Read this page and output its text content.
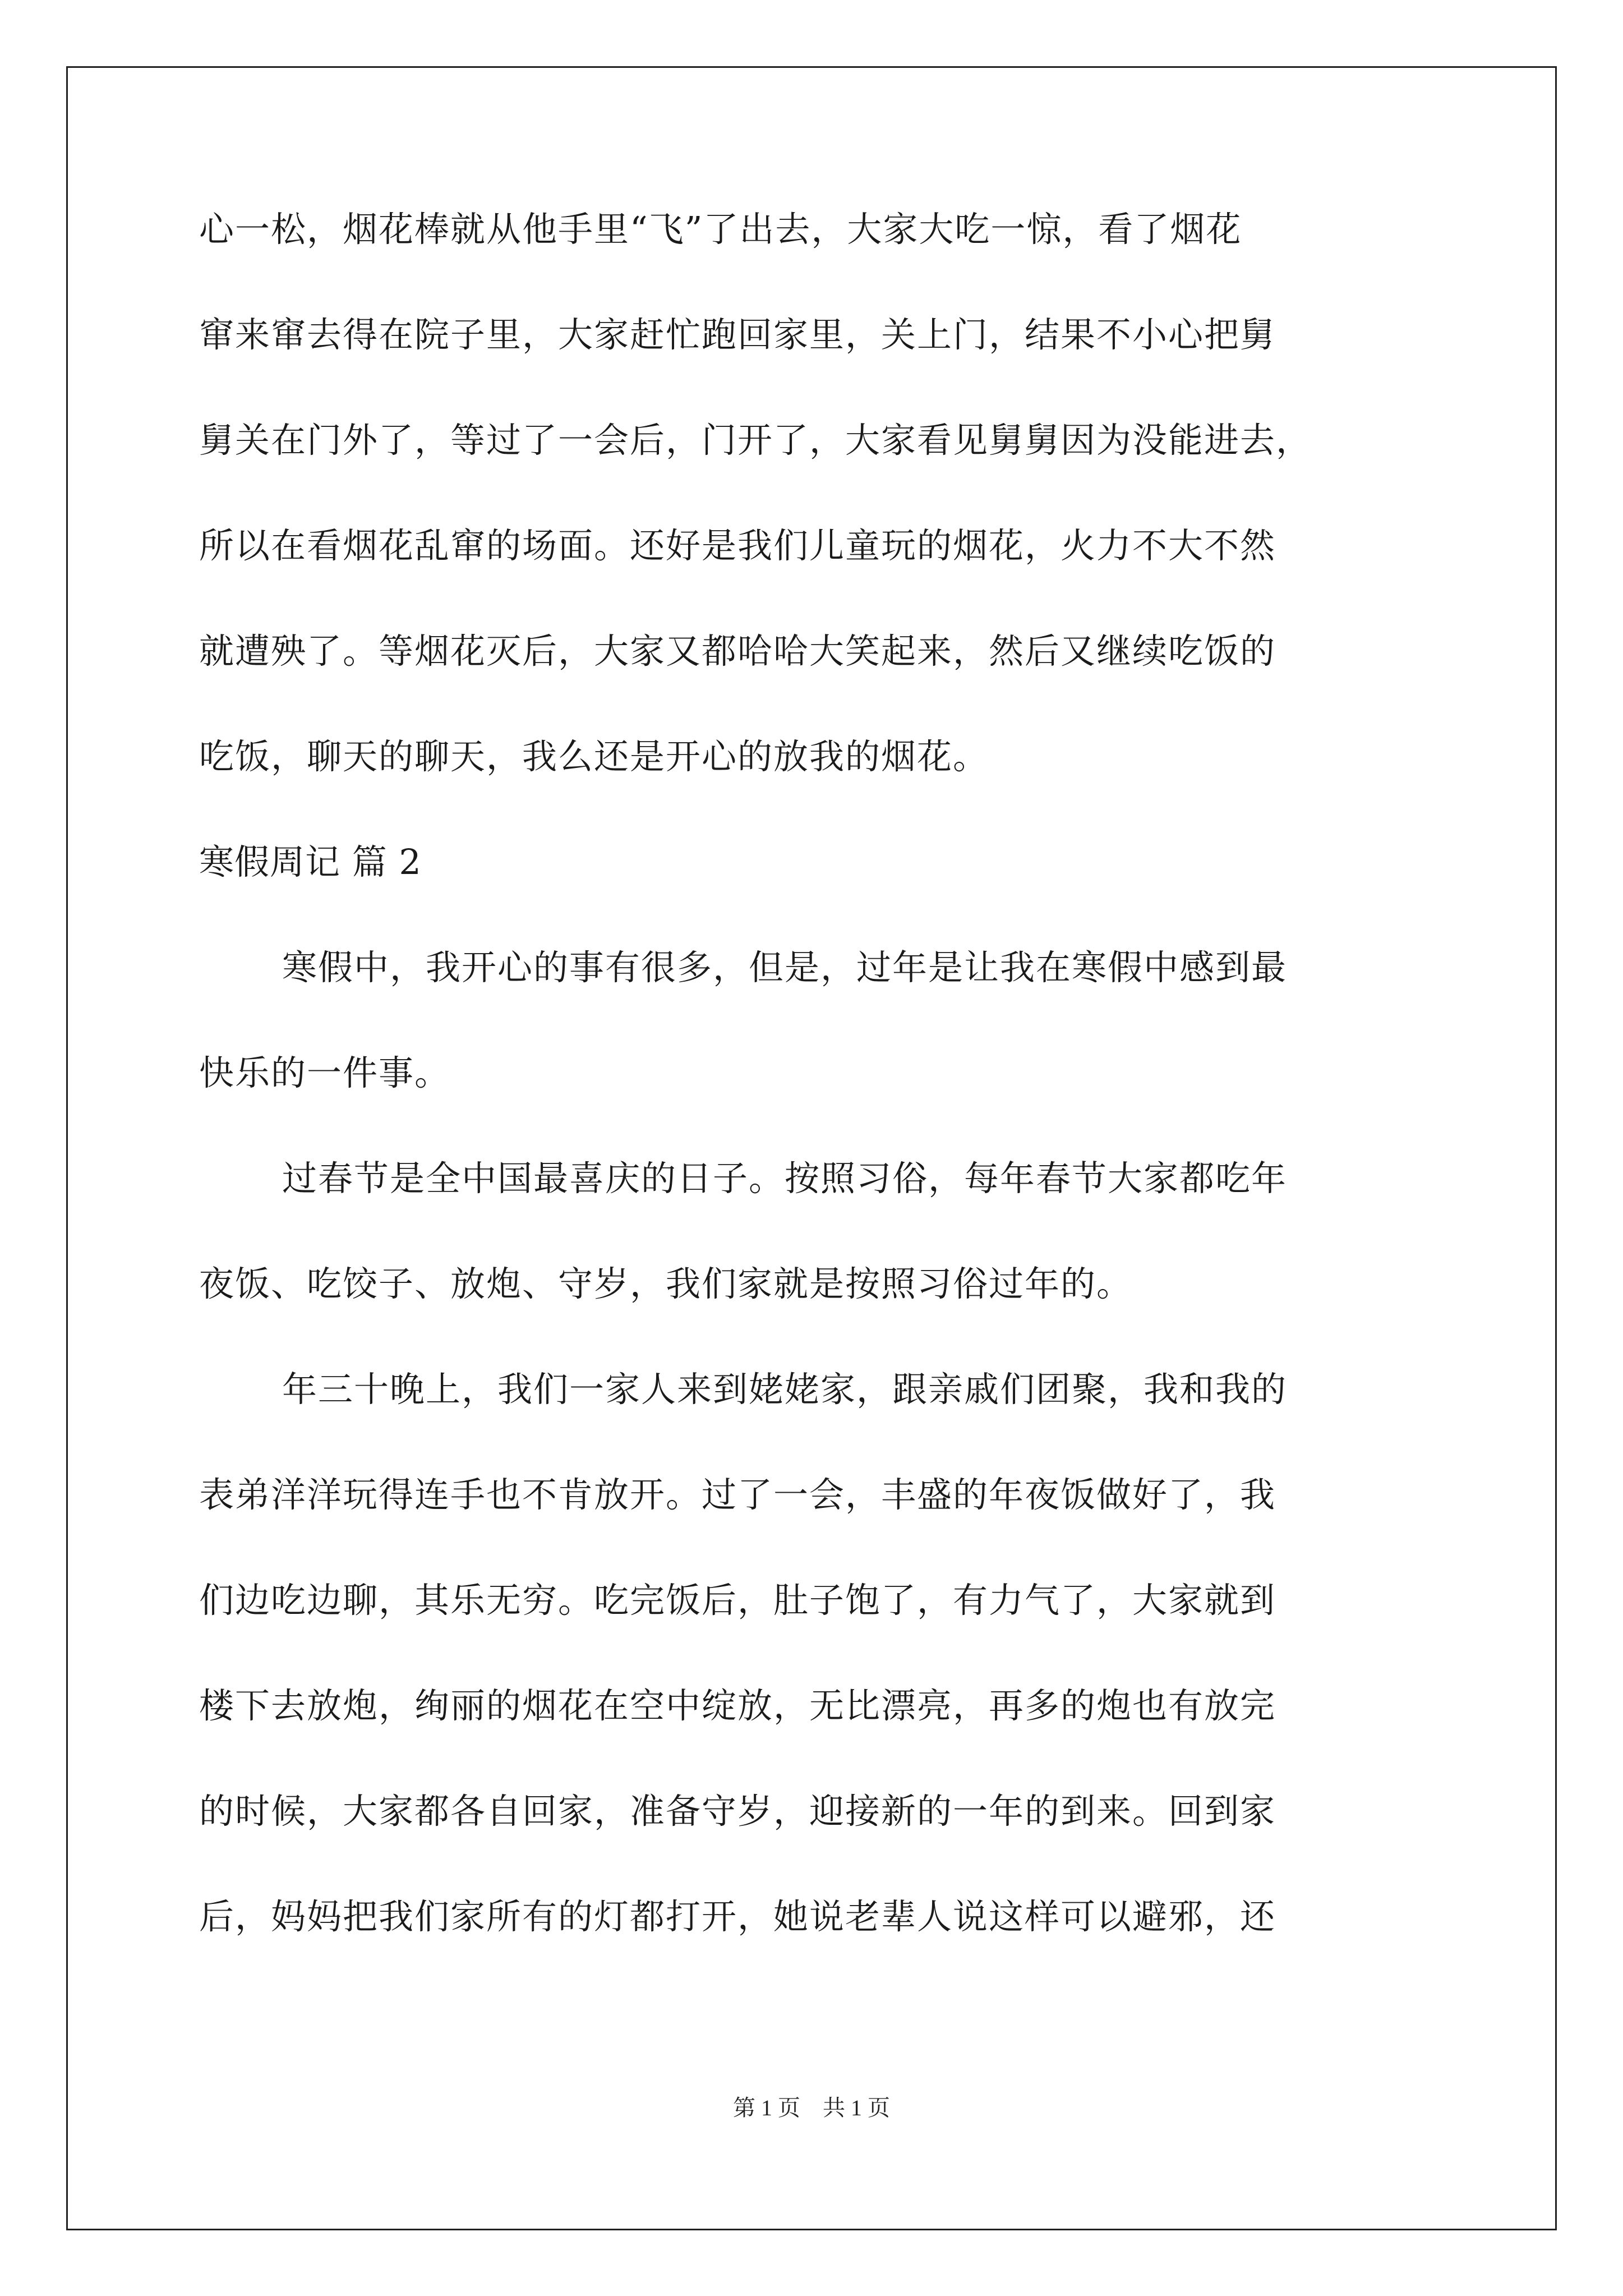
心一松，烟花棒就从他手里“飞”了出去，大家大吃一惊，看了烟花
窜来窜去得在院子里，大家赶忙跑回家里，关上门，结果不小心把舅
舅关在门外了，等过了一会后，门开了，大家看见舅舅因为没能进去，
所以在看烟花乱窜的场面。还好是我们儿童玩的烟花，火力不大不然
就遭殃了。等烟花灭后，大家又都哈哈大笑起来，然后又继续吃饭的
吃饭，聊天的聊天，我么还是开心的放我的烟花。
寒假周记 篇 2
寒假中，我开心的事有很多，但是，过年是让我在寒假中感到最
快乐的一件事。
过春节是全中国最喜庆的日子。按照习俗，每年春节大家都吃年
夜饭、吃饺子、放炮、守岁，我们家就是按照习俗过年的。
年三十晚上，我们一家人来到姥姥家，跟亲戚们团聚，我和我的
表弟洋洋玩得连手也不肯放开。过了一会，丰盛的年夜饭做好了，我
们边吃边聊，其乐无穷。吃完饭后，肚子饱了，有力气了，大家就到
楼下去放炮，绚丽的烟花在空中绽放，无比漂亮，再多的炮也有放完
的时候，大家都各自回家，准备守岁，迎接新的一年的到来。回到家
后，妈妈把我们家所有的灯都打开，她说老辈人说这样可以避邪，还
第 1 页　共 1 页
